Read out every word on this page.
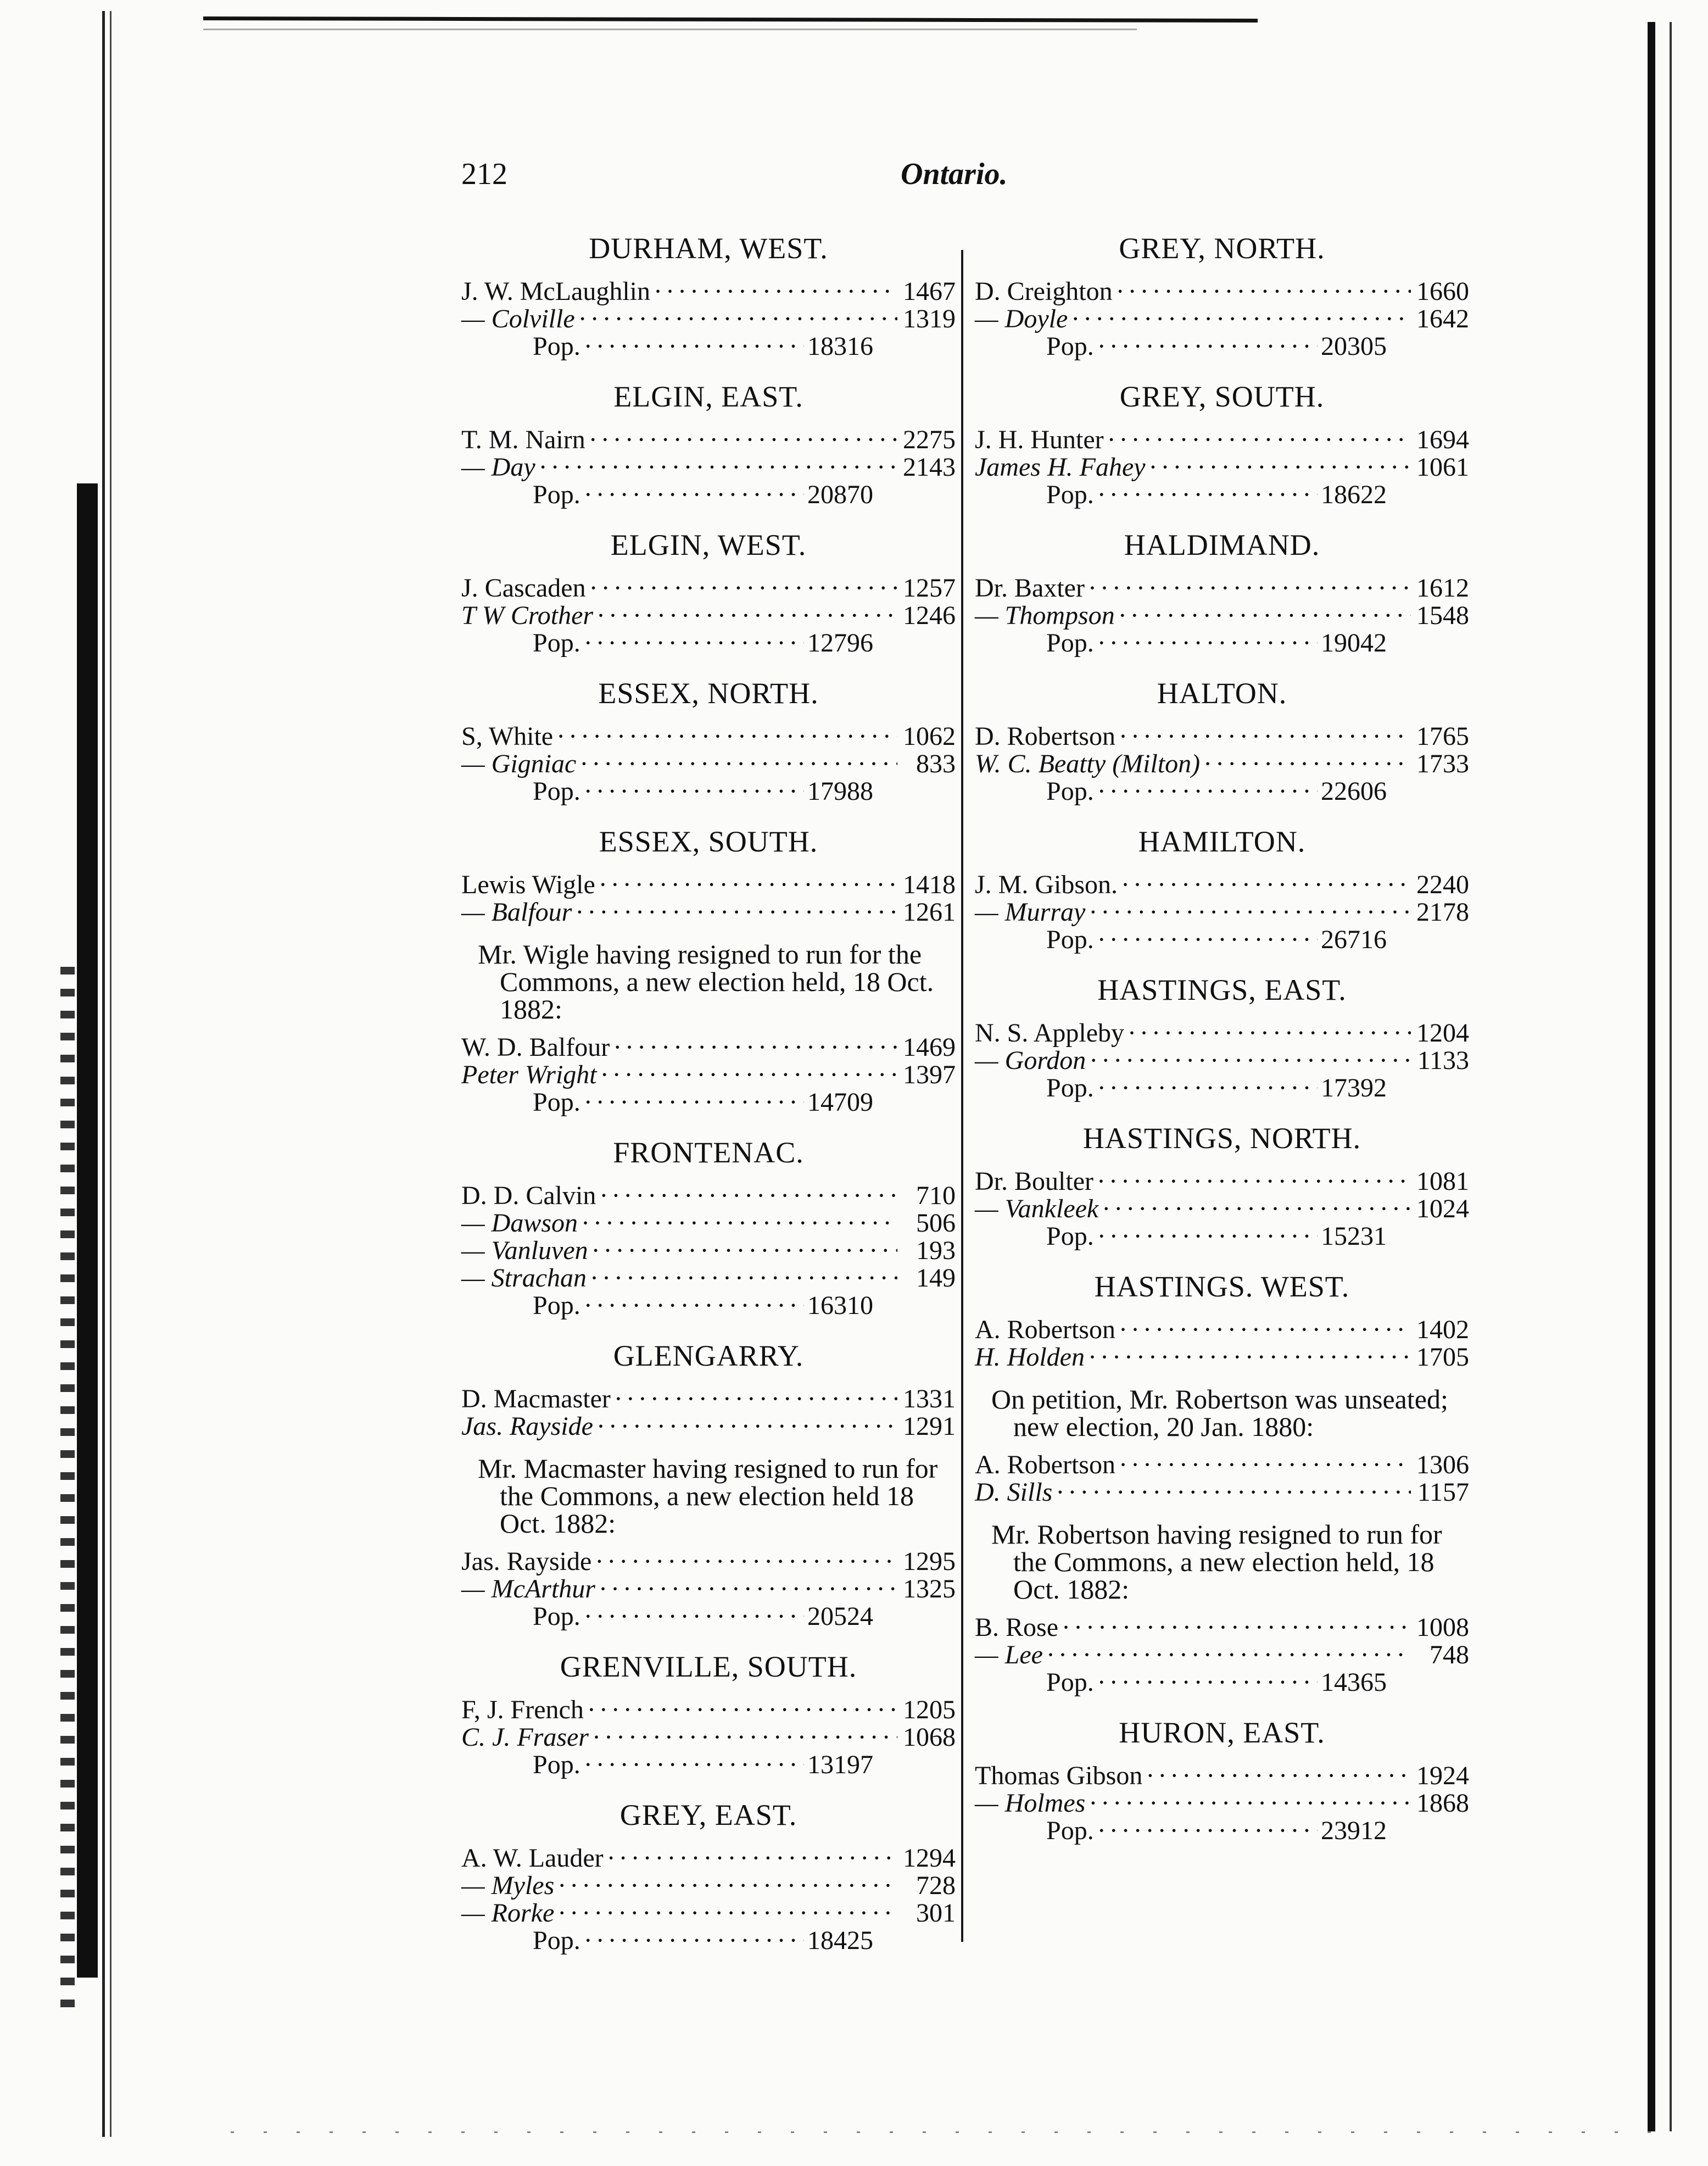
212	Ontario.
DURHAM, WEST.
J. W. McLaughlin ·····	1467
— Colville ·····	1319
Pop. ·····	18316
ELGIN, EAST.
T. M. Nairn ·····	2275
— Day ·····	2143
Pop. ·····	20870
ELGIN, WEST.
J. Cascaden ·····	1257
T W Crother ·····	1246
Pop. ·····	12796
ESSEX, NORTH.
S, White ·····	1062
— Gigniac ·····	833
Pop. ·····	17988
ESSEX, SOUTH.
Lewis Wigle ·····	1418
— Balfour ·····	1261
Mr. Wigle having resigned to run for the Commons, a new election held, 18 Oct. 1882:
W. D. Balfour ·····	1469
Peter Wright ·····	1397
Pop. ·····	14709
FRONTENAC.
D. D. Calvin ·····	710
— Dawson ·····	506
— Vanluven ·····	193
— Strachan ·····	149
Pop. ·····	16310
GLENGARRY.
D. Macmaster ·····	1331
Jas. Rayside ·····	1291
Mr. Macmaster having resigned to run for the Commons, a new election held 18 Oct. 1882:
Jas. Rayside ·····	1295
— McArthur ·····	1325
Pop. ·····	20524
GRENVILLE, SOUTH.
F, J. French ·····	1205
C. J. Fraser ·····	1068
Pop. ·····	13197
GREY, EAST.
A. W. Lauder ·····	1294
— Myles ·····	728
— Rorke ·····	301
Pop. ·····	18425
GREY, NORTH.
D. Creighton ·····	1660
— Doyle ·····	1642
Pop. ·····	20305
GREY, SOUTH.
J. H. Hunter ·····	1694
James H. Fahey ·····	1061
Pop. ·····	18622
HALDIMAND.
Dr. Baxter ·····	1612
— Thompson ·····	1548
Pop. ·····	19042
HALTON.
D. Robertson ·····	1765
W. C. Beatty (Milton) ·····	1733
Pop. ·····	22606
HAMILTON.
J. M. Gibson. ·····	2240
— Murray ·····	2178
Pop. ·····	26716
HASTINGS, EAST.
N. S. Appleby ·····	1204
— Gordon ·····	1133
Pop. ·····	17392
HASTINGS, NORTH.
Dr. Boulter ·····	1081
— Vankleek ·····	1024
Pop. ·····	15231
HASTINGS. WEST.
A. Robertson ·····	1402
H. Holden ·····	1705
On petition, Mr. Robertson was unseated; new election, 20 Jan. 1880:
A. Robertson ·····	1306
D. Sills ·····	1157
Mr. Robertson having resigned to run for the Commons, a new election held, 18 Oct. 1882:
B. Rose ·····	1008
— Lee ·····	748
Pop. ·····	14365
HURON, EAST.
Thomas Gibson ·····	1924
— Holmes ·····	1868
Pop. ·····	23912
